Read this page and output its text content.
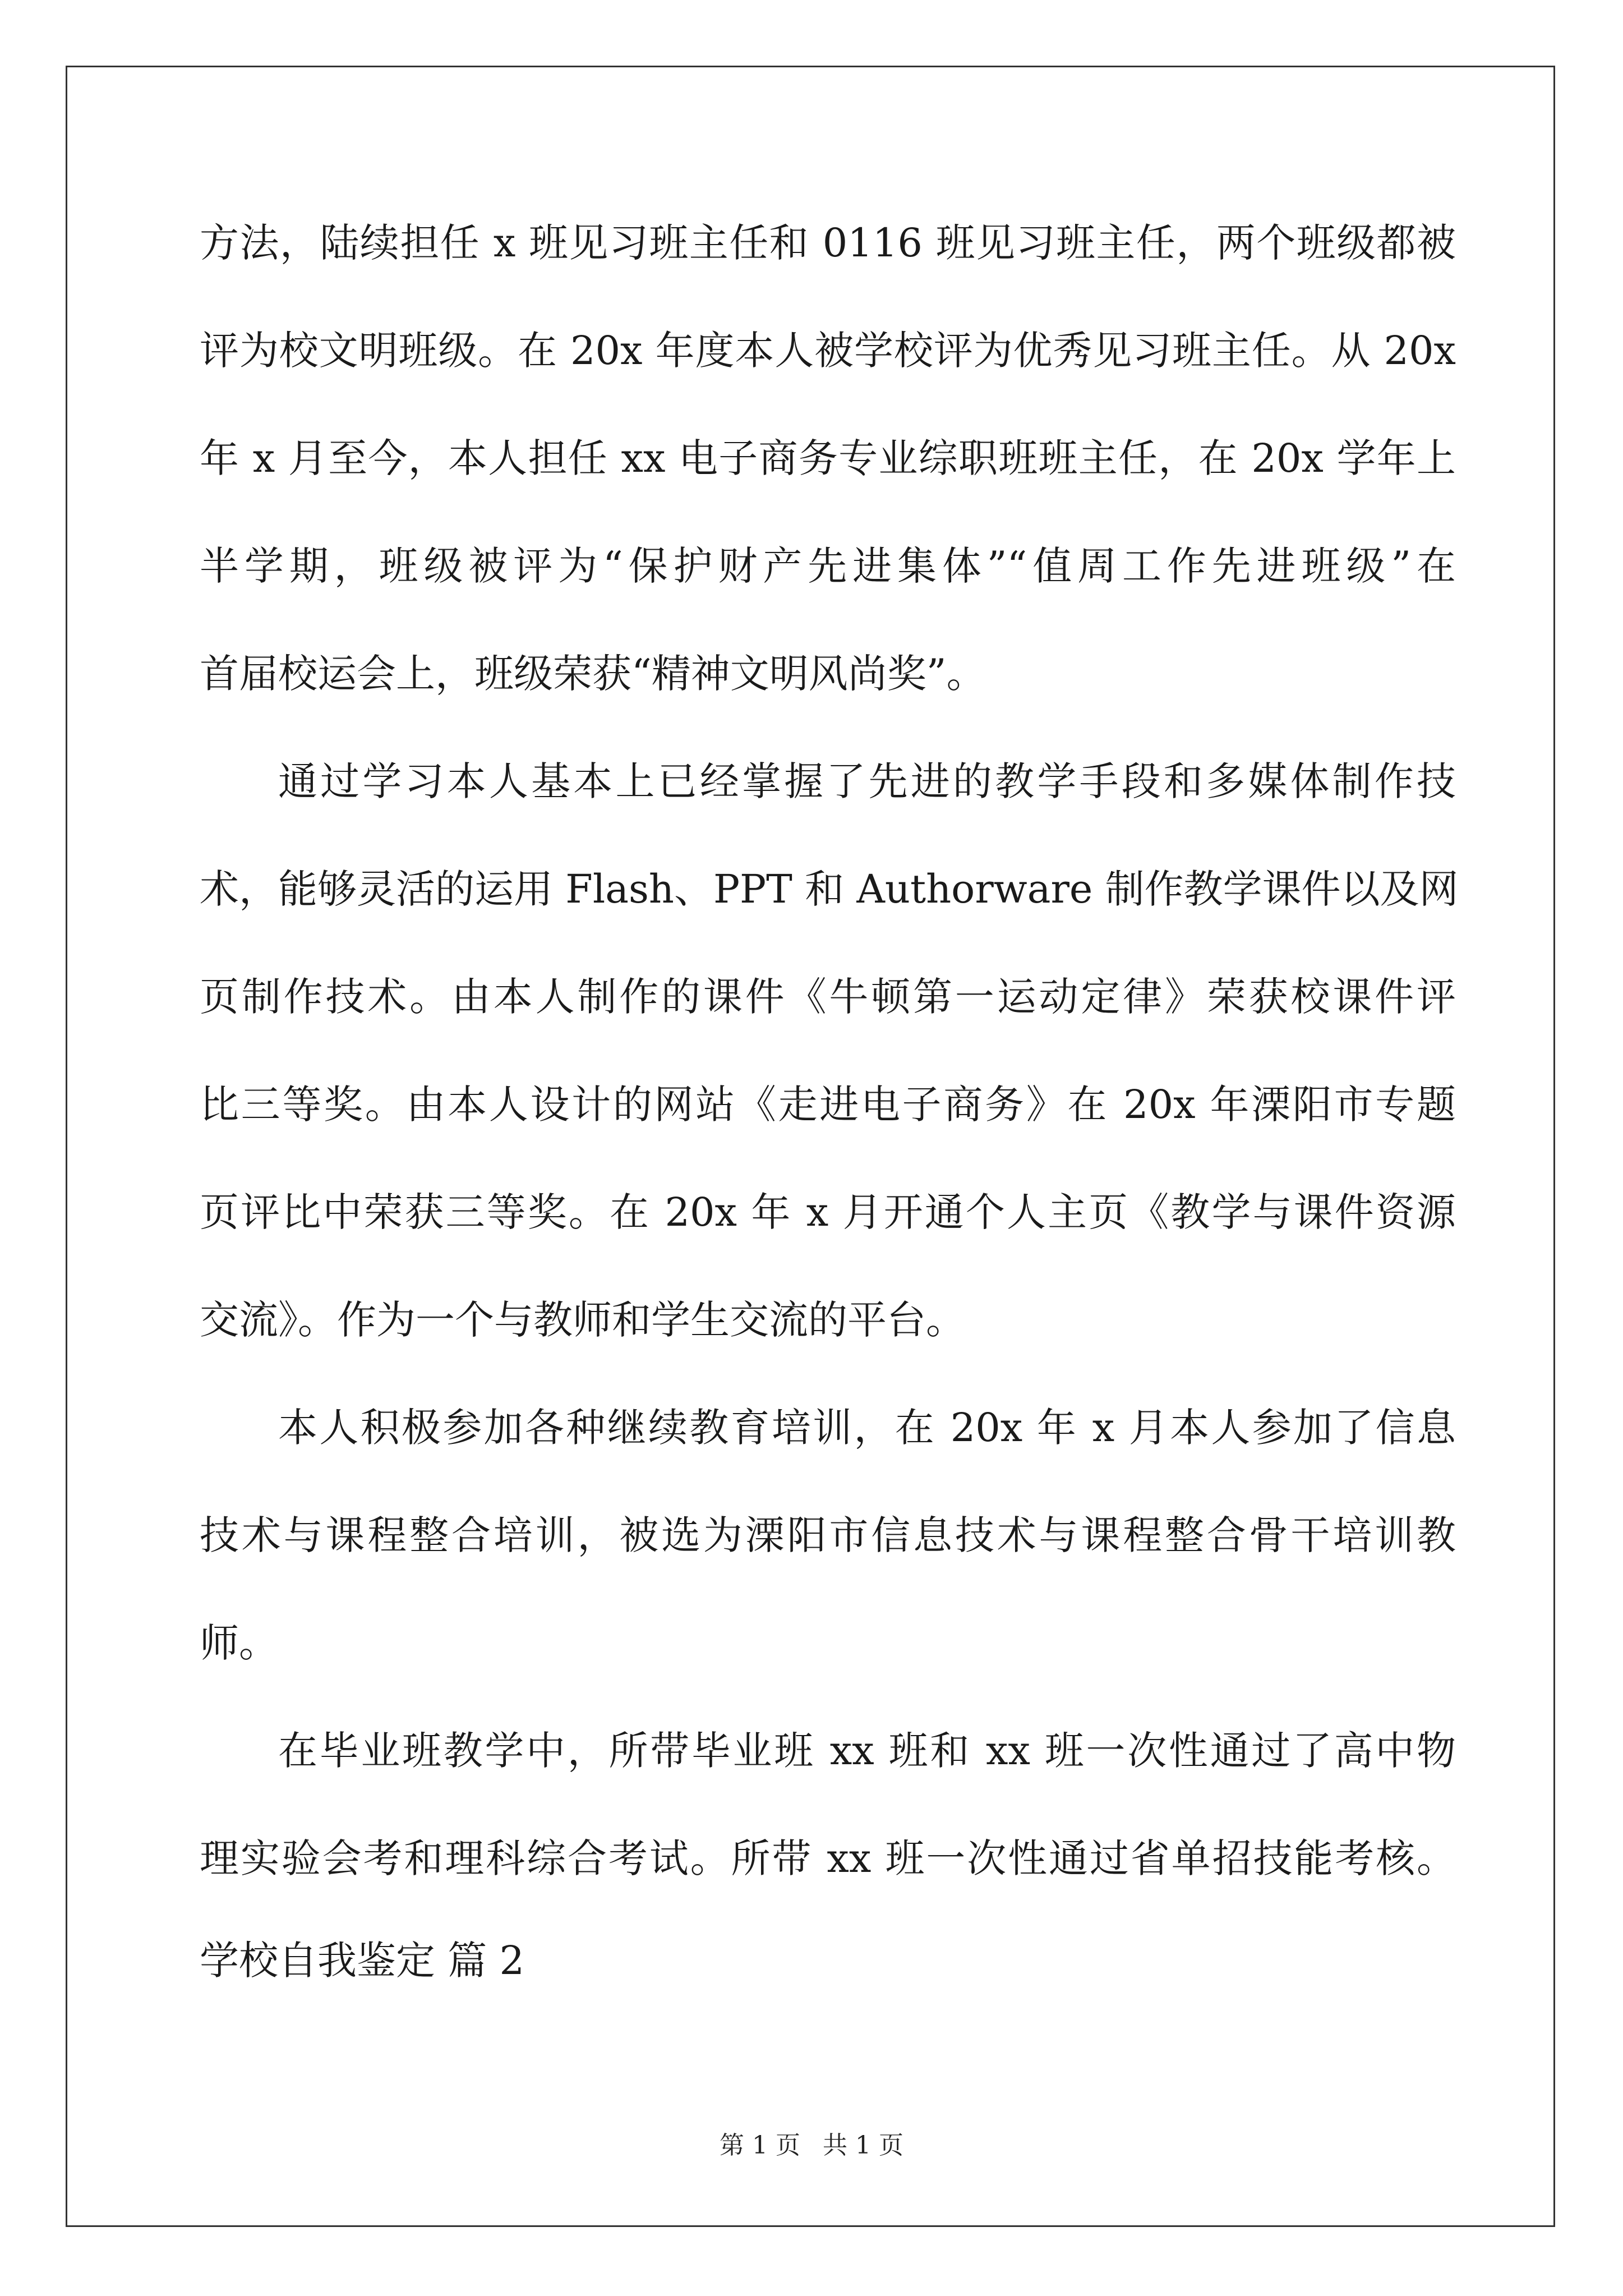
方法，陆续担任 x 班见习班主任和 0116 班见习班主任，两个班级都被
评为校文明班级。在 20x 年度本人被学校评为优秀见习班主任。从 20x
年 x 月至今，本人担任 xx 电子商务专业综职班班主任，在 20x 学年上
半学期，班级被评为“保护财产先进集体”“值周工作先进班级”在
首届校运会上，班级荣获“精神文明风尚奖”。
通过学习本人基本上已经掌握了先进的教学手段和多媒体制作技
术，能够灵活的运用 Flash、PPT 和 Authorware 制作教学课件以及网
页制作技术。由本人制作的课件《牛顿第一运动定律》荣获校课件评
比三等奖。由本人设计的网站《走进电子商务》在 20x 年溧阳市专题
页评比中荣获三等奖。在 20x 年 x 月开通个人主页《教学与课件资源
交流》。作为一个与教师和学生交流的平台。
本人积极参加各种继续教育培训，在 20x 年 x 月本人参加了信息
技术与课程整合培训，被选为溧阳市信息技术与课程整合骨干培训教
师。
在毕业班教学中，所带毕业班 xx 班和 xx 班一次性通过了高中物
理实验会考和理科综合考试。所带 xx 班一次性通过省单招技能考核。
学校自我鉴定 篇 2
第 1 页 共 1 页
